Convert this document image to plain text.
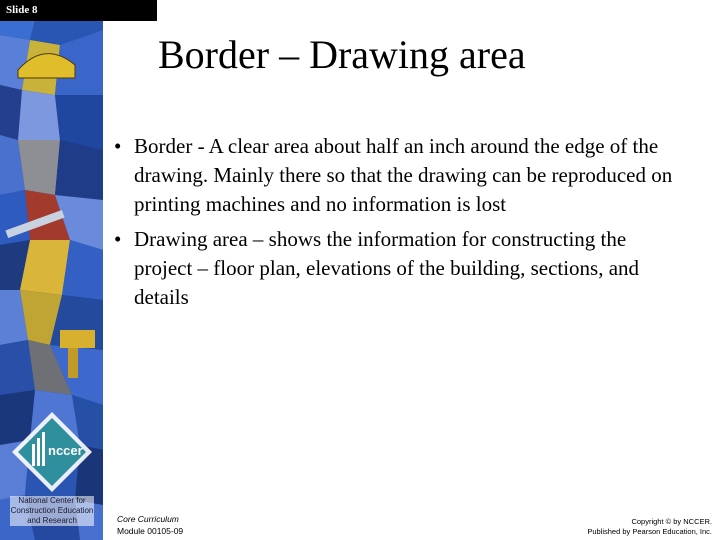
Slide 8
Border – Drawing area
• Border - A clear area about half an inch around the edge of the drawing. Mainly there so that the drawing can be reproduced on printing machines and no information is lost
• Drawing area – shows the information for constructing the project – floor plan, elevations of the building, sections, and details
nccer
National Center for Construction Education and Research	Core Curriculum
Module 00105-09
Copyright © by NCCER.
Published by Pearson Education, Inc.
